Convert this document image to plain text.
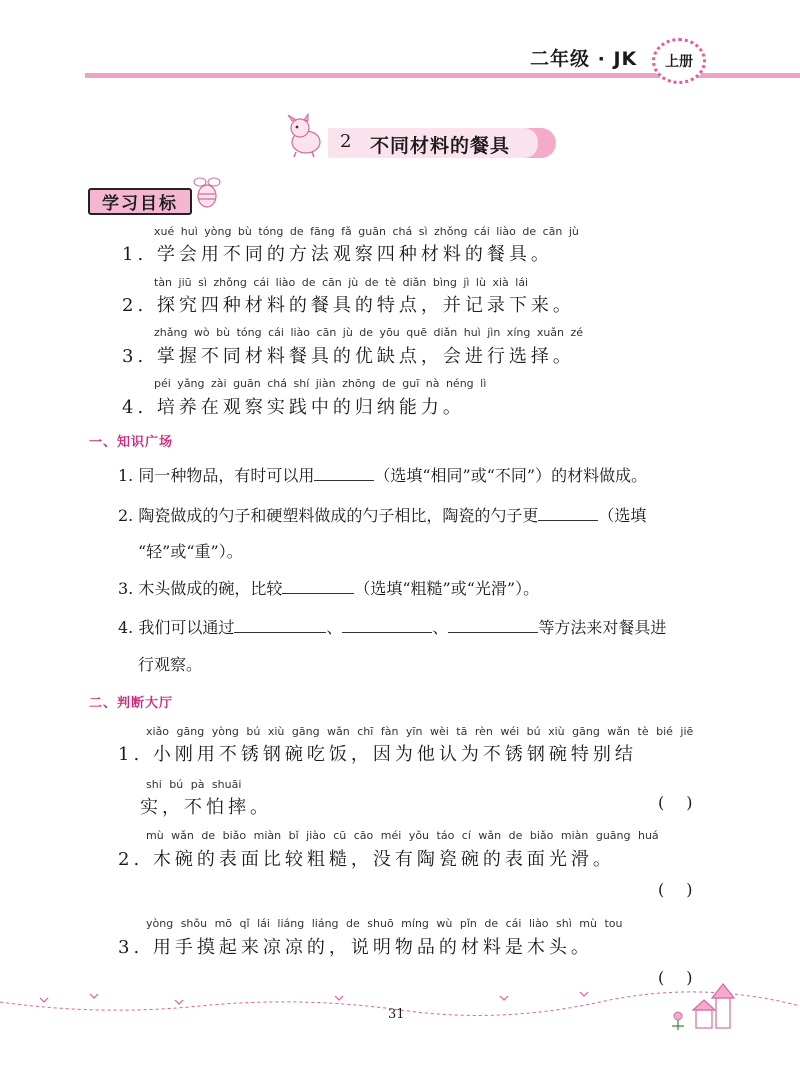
二年级 · JK 上册
2 不同材料的餐具
学习目标
xué huì yòng bù tóng de fāng fǎ guān chá sì zhǒng cái liào de cān jù
1. 学会用不同的方法观察四种材料的餐具。
tàn jiū sì zhǒng cái liào de cān jù de tè diǎn bìng jì lù xià lái
2. 探究四种材料的餐具的特点，并记录下来。
zhǎng wò bù tóng cái liào cān jù de yōu quē diǎn huì jìn xíng xuǎn zé
3. 掌握不同材料餐具的优缺点，会进行选择。
péi yǎng zài guān chá shí jiàn zhōng de guī nà néng lì
4. 培养在观察实践中的归纳能力。
一、知识广场
1. 同一种物品，有时可以用	（选填“相同”或“不同”）的材料做成。
2. 陶瓷做成的勺子和硬塑料做成的勺子相比，陶瓷的勺子更	（选填
“轻”或“重”）。
3. 木头做成的碗，比较	（选填“粗糙”或“光滑”）。
4. 我们可以通过	、	、	等方法来对餐具进
行观察。
二、判断大厅
xiǎo gāng yòng bú xiù gāng wǎn chī fàn yīn wèi tā rèn wéi bú xiù gāng wǎn tè bié jiē
1. 小刚用不锈钢碗吃饭，因为他认为不锈钢碗特别结
shi bú pà shuāi
实，不怕摔。	()
mù wǎn de biǎo miàn bǐ jiào cū cāo méi yǒu táo cí wǎn de biǎo miàn guāng huá
2. 木碗的表面比较粗糙，没有陶瓷碗的表面光滑。
()
yòng shǒu mō qǐ lái liáng liáng de shuō míng wù pǐn de cái liào shì mù tou
3. 用手摸起来凉凉的，说明物品的材料是木头。
()
31
